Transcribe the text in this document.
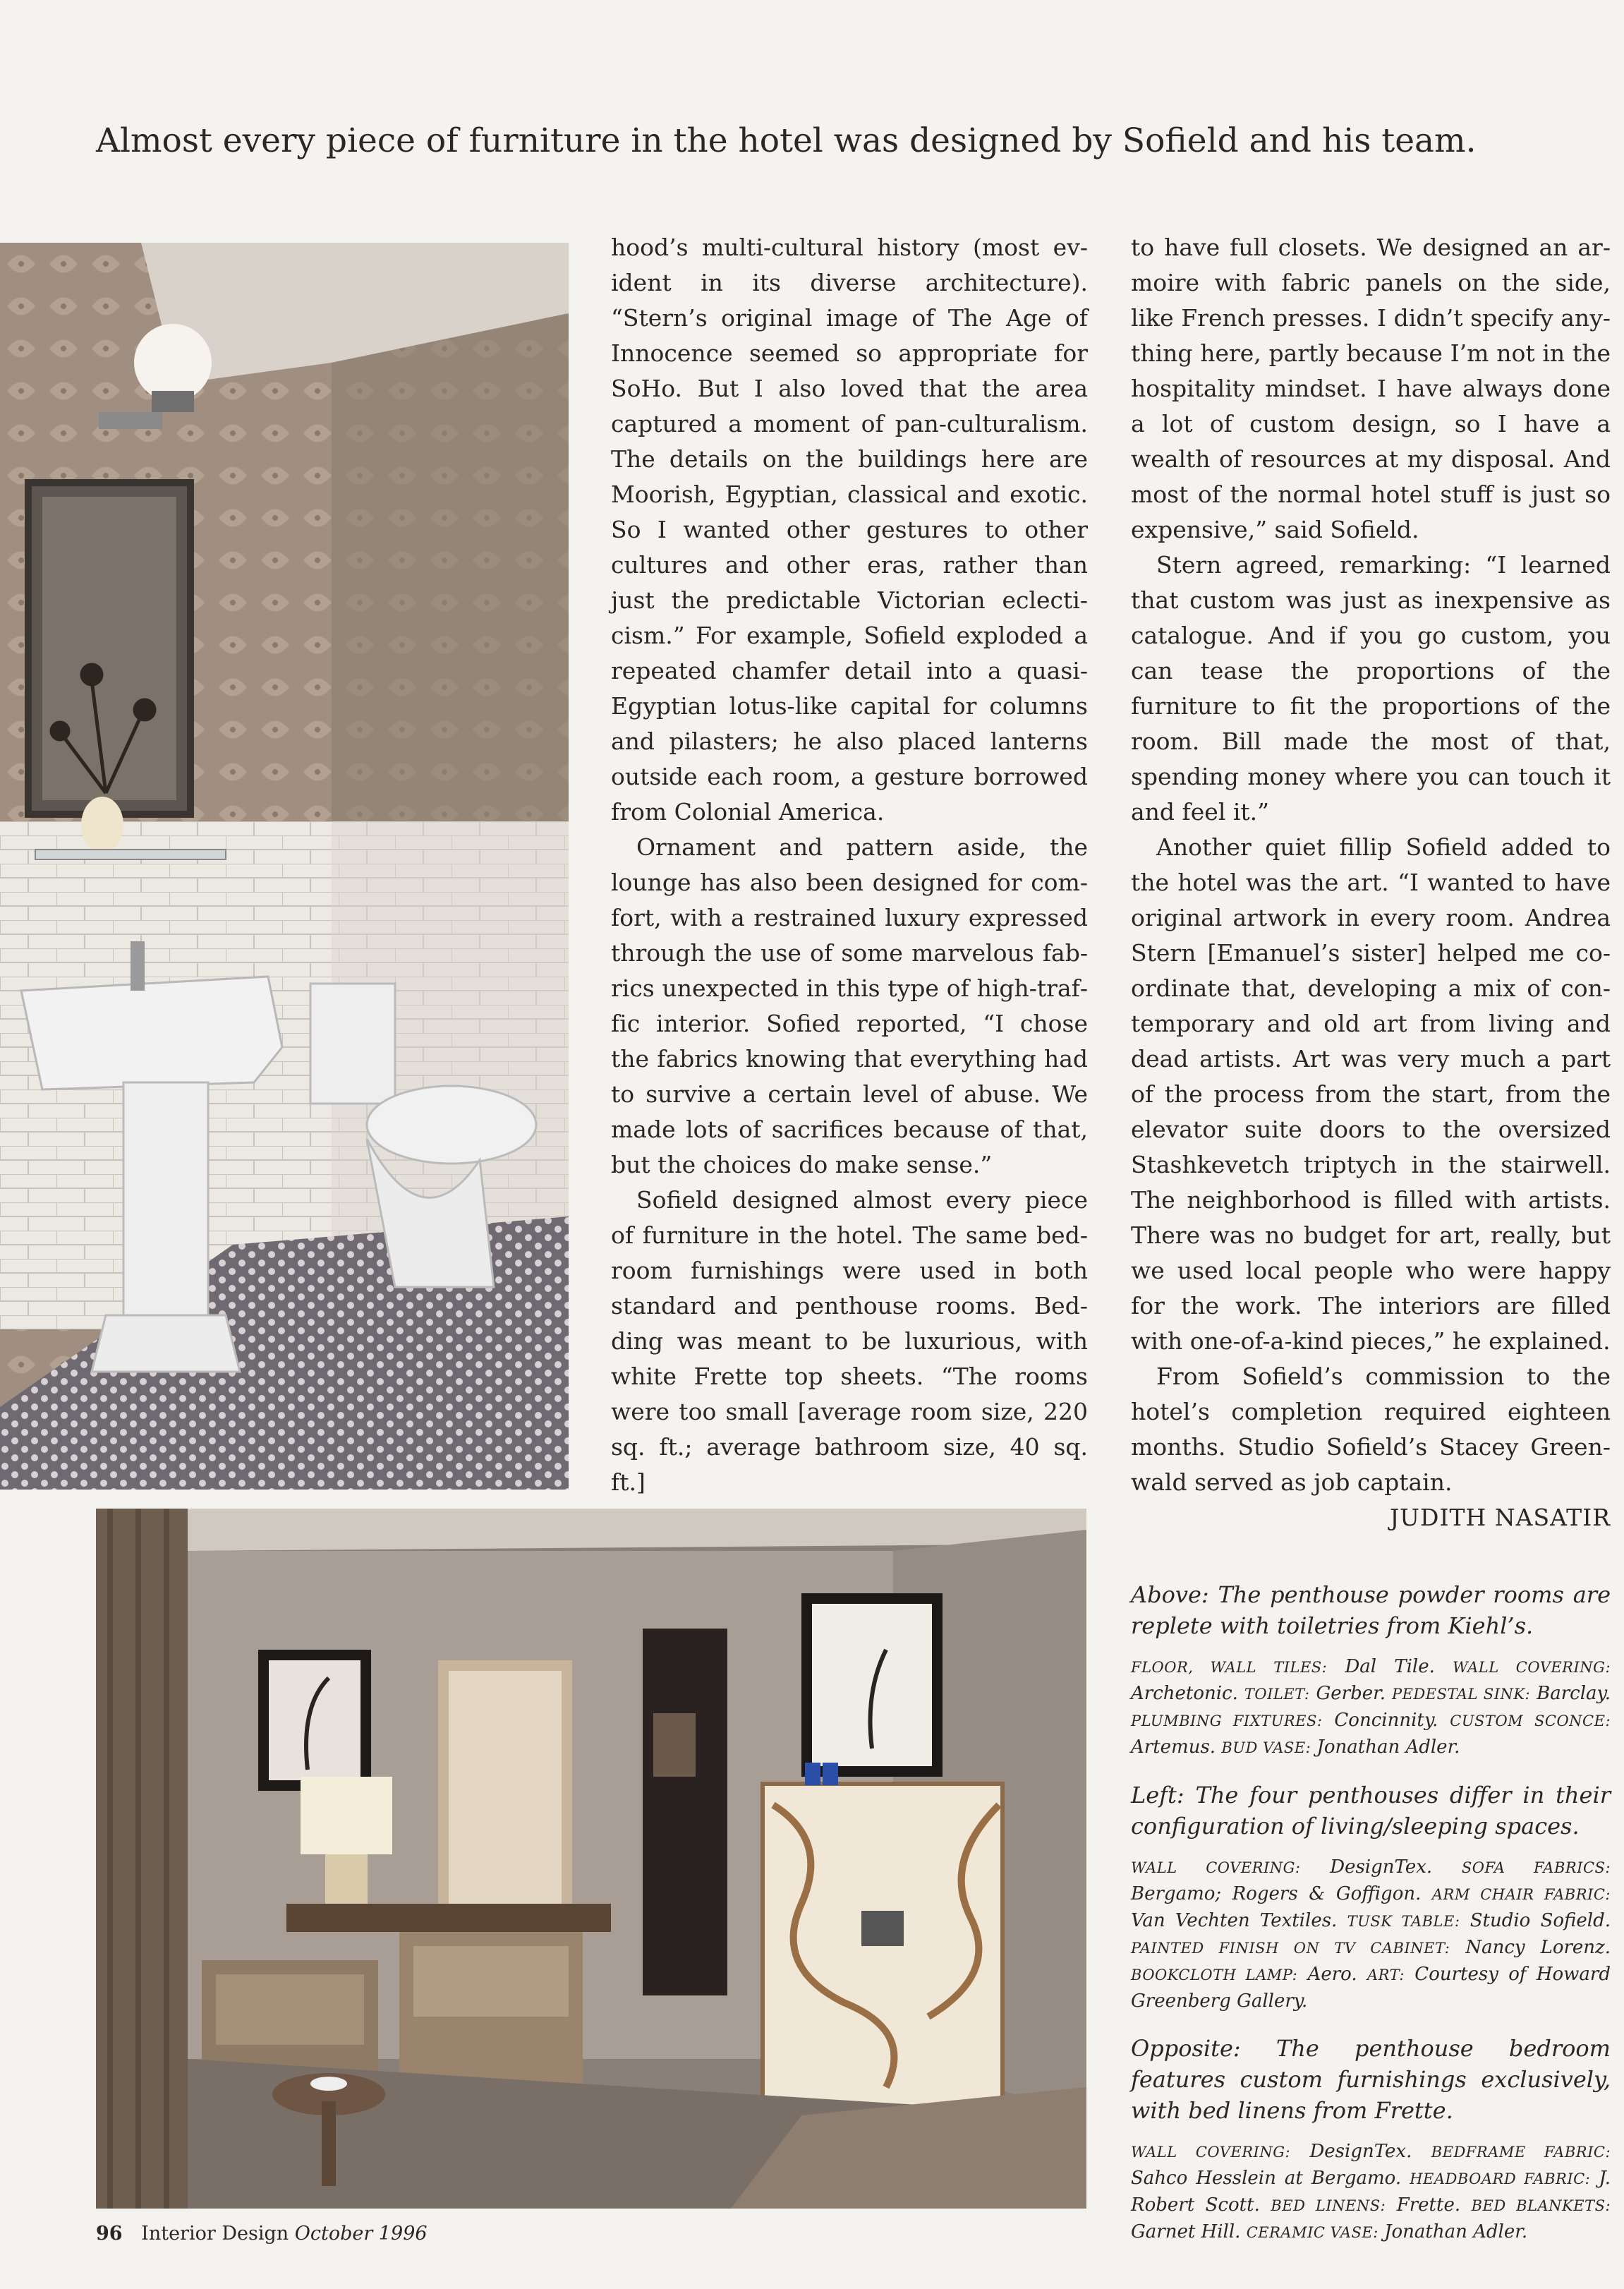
Almost every piece of furniture in the hotel was designed by Sofield and his team.

hood’s multi-cultural history (most evident in its diverse architecture). “Stern’s original image of The Age of Innocence seemed so appropriate for SoHo. But I also loved that the area captured a moment of pan-culturalism. The details on the buildings here are Moorish, Egyptian, classical and exotic. So I wanted other gestures to other cultures and other eras, rather than just the predictable Victorian eclecticism.” For example, Sofield exploded a repeated chamfer detail into a quasi-Egyptian lotus-like capital for columns and pilasters; he also placed lanterns outside each room, a gesture borrowed from Colonial America.

Ornament and pattern aside, the lounge has also been designed for comfort, with a restrained luxury expressed through the use of some marvelous fabrics unexpected in this type of high-traffic interior. Sofied reported, “I chose the fabrics knowing that everything had to survive a certain level of abuse. We made lots of sacrifices because of that, but the choices do make sense.”

Sofield designed almost every piece of furniture in the hotel. The same bedroom furnishings were used in both standard and penthouse rooms. Bedding was meant to be luxurious, with white Frette top sheets. “The rooms were too small [average room size, 220 sq. ft.; average bathroom size, 40 sq. ft.]

to have full closets. We designed an armoire with fabric panels on the side, like French presses. I didn’t specify anything here, partly because I’m not in the hospitality mindset. I have always done a lot of custom design, so I have a wealth of resources at my disposal. And most of the normal hotel stuff is just so expensive,” said Sofield.

Stern agreed, remarking: “I learned that custom was just as inexpensive as catalogue. And if you go custom, you can tease the proportions of the furniture to fit the proportions of the room. Bill made the most of that, spending money where you can touch it and feel it.”

Another quiet fillip Sofield added to the hotel was the art. “I wanted to have original artwork in every room. Andrea Stern [Emanuel’s sister] helped me coordinate that, developing a mix of contemporary and old art from living and dead artists. Art was very much a part of the process from the start, from the elevator suite doors to the oversized Stashkevetch triptych in the stairwell. The neighborhood is filled with artists. There was no budget for art, really, but we used local people who were happy for the work. The interiors are filled with one-of-a-kind pieces,” he explained.

From Sofield’s commission to the hotel’s completion required eighteen months. Studio Sofield’s Stacey Greenwald served as job captain.

JUDITH NASATIR

Above: The penthouse powder rooms are replete with toiletries from Kiehl’s.

FLOOR, WALL TILES: Dal Tile. WALL COVERING: Archetonic. TOILET: Gerber. PEDESTAL SINK: Barclay. PLUMBING FIXTURES: Concinnity. CUSTOM SCONCE: Artemus. BUD VASE: Jonathan Adler.

Left: The four penthouses differ in their configuration of living/sleeping spaces.

WALL COVERING: DesignTex. SOFA FABRICS: Bergamo; Rogers & Goffigon. ARM CHAIR FABRIC: Van Vechten Textiles. TUSK TABLE: Studio Sofield. PAINTED FINISH ON TV CABINET: Nancy Lorenz. BOOKCLOTH LAMP: Aero. ART: Courtesy of Howard Greenberg Gallery.

Opposite: The penthouse bedroom features custom furnishings exclusively, with bed linens from Frette.

WALL COVERING: DesignTex. BEDFRAME FABRIC: Sahco Hesslein at Bergamo. HEADBOARD FABRIC: J. Robert Scott. BED LINENS: Frette. BED BLANKETS: Garnet Hill. CERAMIC VASE: Jonathan Adler.

96 Interior Design October 1996
